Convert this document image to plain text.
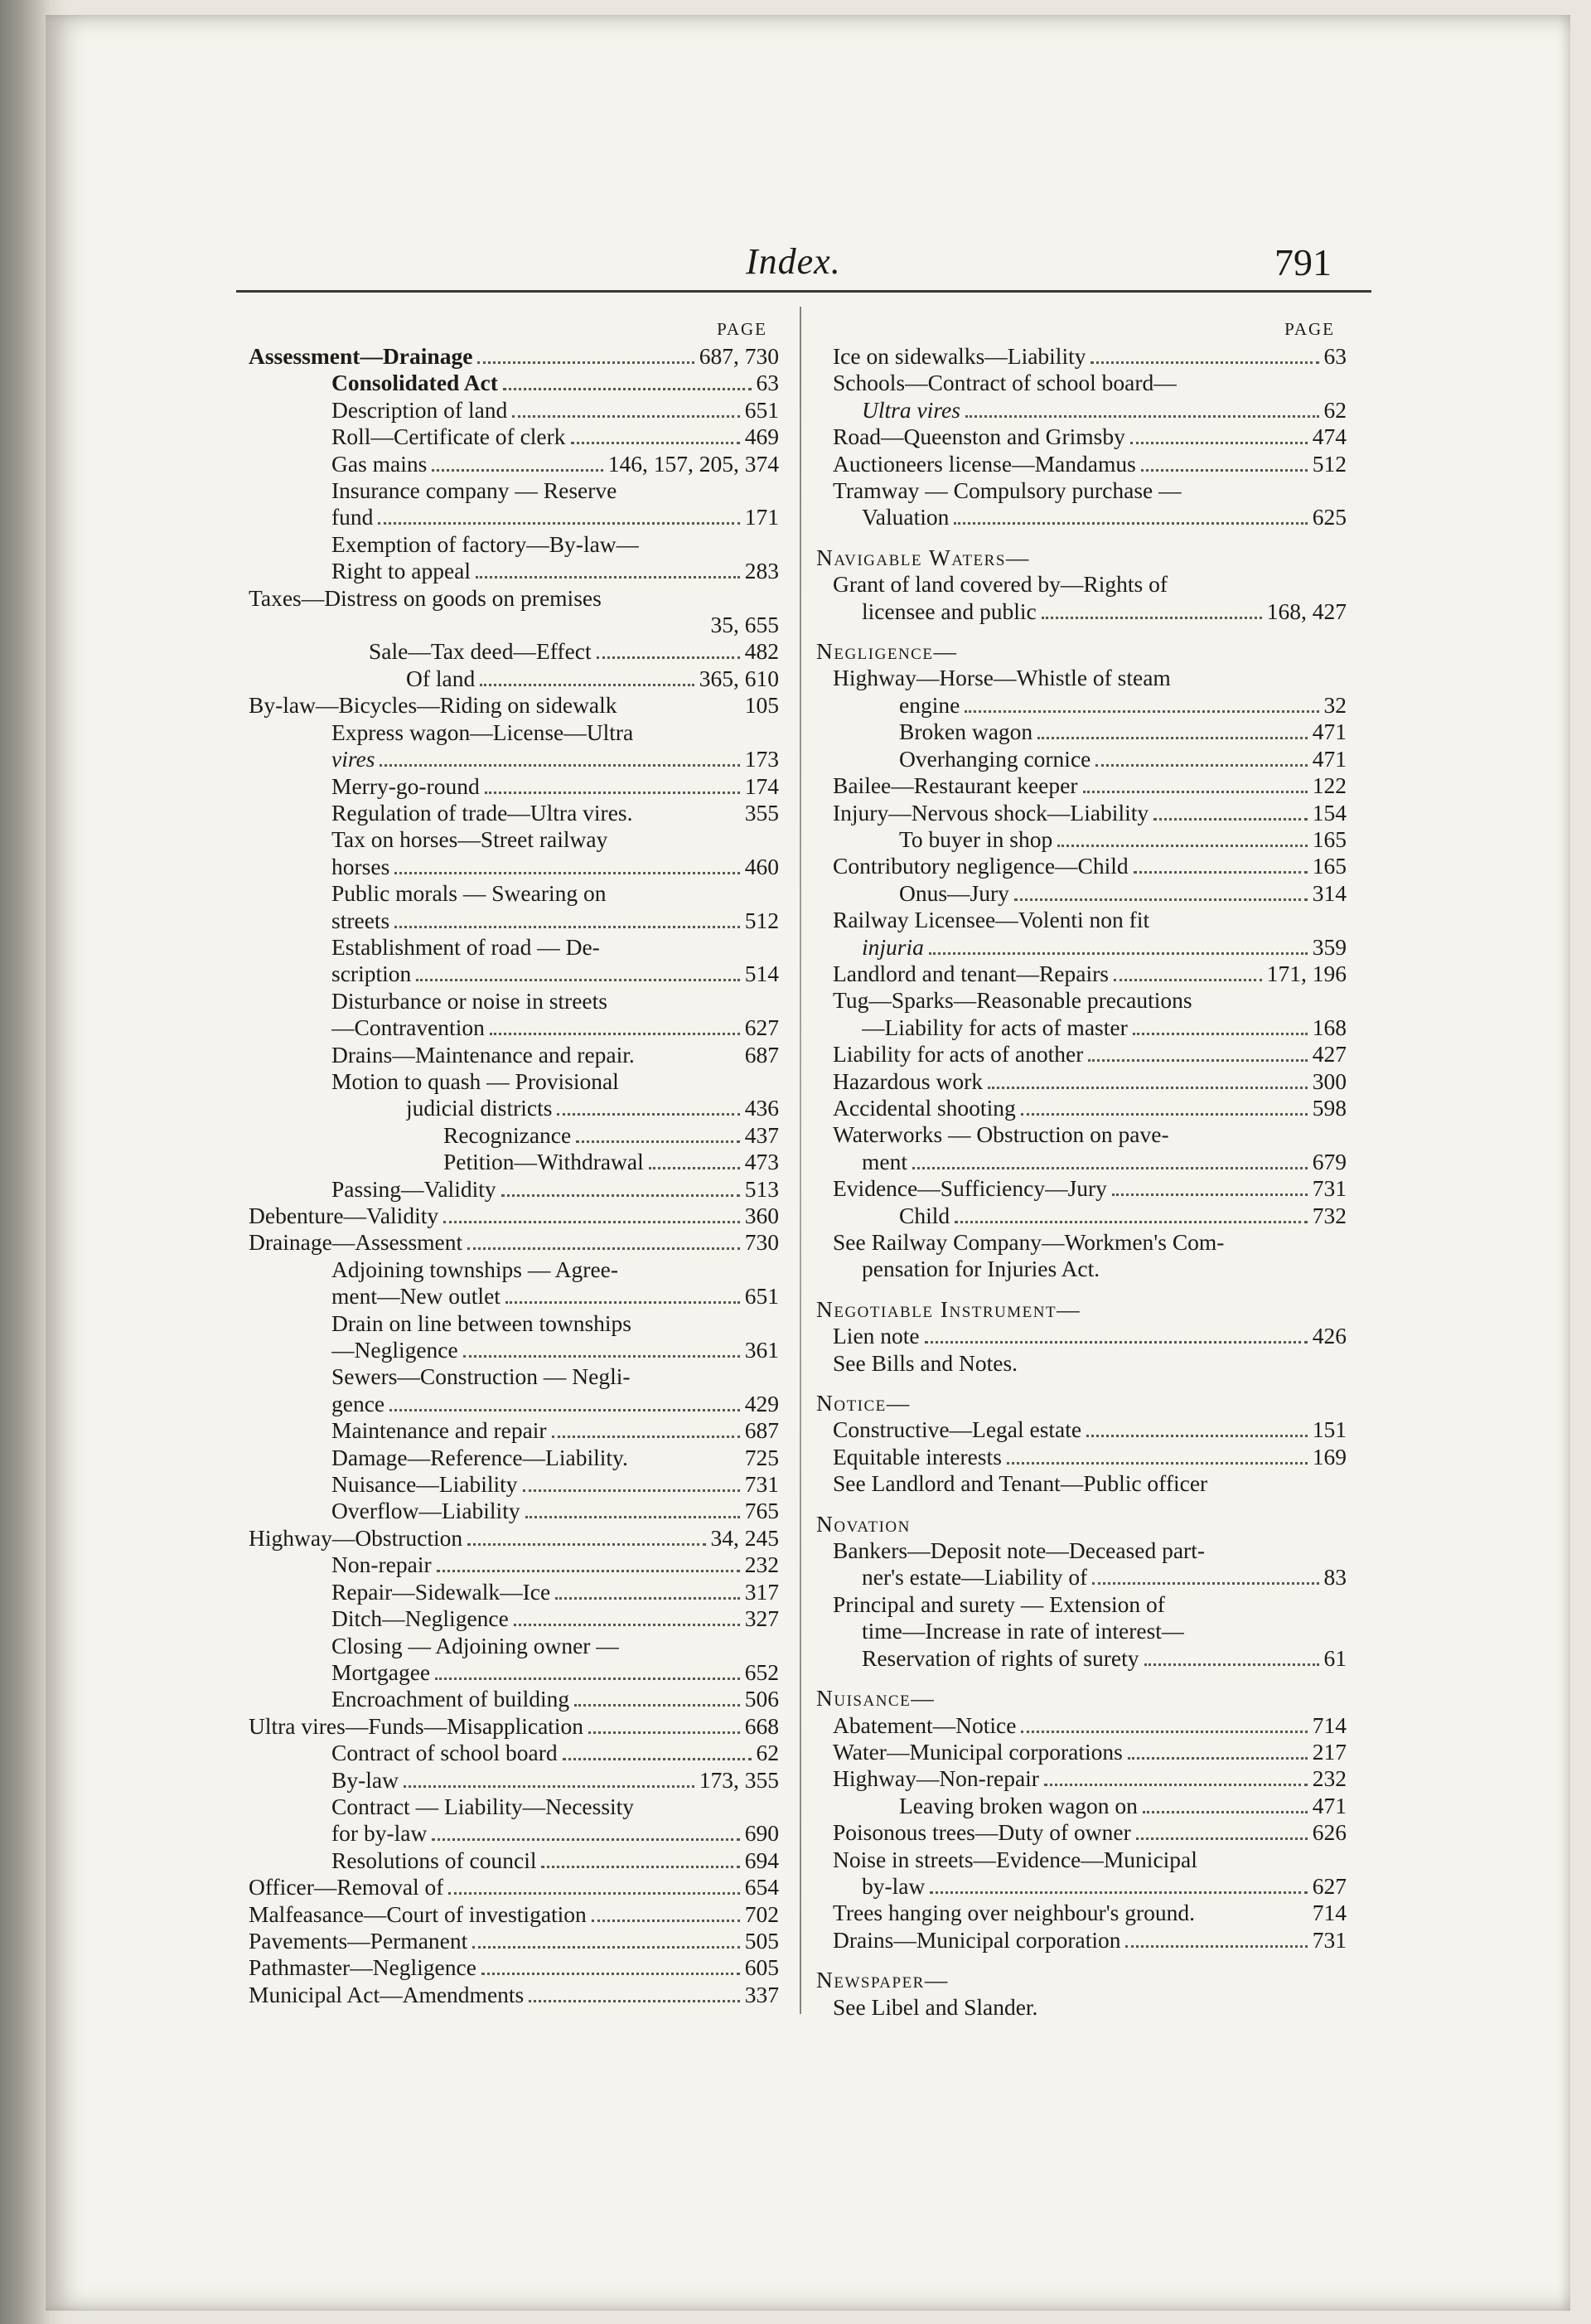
Index.	791
PAGE
Assessment—Drainage	687, 730
Consolidated Act	63
Description of land	651
Roll—Certificate of clerk	469
Gas mains	146, 157, 205, 374
Insurance company — Reserve
fund	171
Exemption of factory—By-law—
Right to appeal	283
Taxes—Distress on goods on premises
35, 655
Sale—Tax deed—Effect	482
Of land	365, 610
By-law—Bicycles—Riding on sidewalk	105
Express wagon—License—Ultra
vires	173
Merry-go-round	174
Regulation of trade—Ultra vires.	355
Tax on horses—Street railway
horses	460
Public morals — Swearing on
streets	512
Establishment of road — De-
scription	514
Disturbance or noise in streets
—Contravention	627
Drains—Maintenance and repair.	687
Motion to quash — Provisional
judicial districts	436
Recognizance	437
Petition—Withdrawal	473
Passing—Validity	513
Debenture—Validity	360
Drainage—Assessment	730
Adjoining townships — Agree-
ment—New outlet	651
Drain on line between townships
—Negligence	361
Sewers—Construction — Negli-
gence	429
Maintenance and repair	687
Damage—Reference—Liability.	725
Nuisance—Liability	731
Overflow—Liability	765
Highway—Obstruction	34, 245
Non-repair	232
Repair—Sidewalk—Ice	317
Ditch—Negligence	327
Closing — Adjoining owner —
Mortgagee	652
Encroachment of building	506
Ultra vires—Funds—Misapplication	668
Contract of school board	62
By-law	173, 355
Contract — Liability—Necessity
for by-law	690
Resolutions of council	694
Officer—Removal of	654
Malfeasance—Court of investigation	702
Pavements—Permanent	505
Pathmaster—Negligence	605
Municipal Act—Amendments	337
PAGE
Ice on sidewalks—Liability	63
Schools—Contract of school board—
Ultra vires	62
Road—Queenston and Grimsby	474
Auctioneers license—Mandamus	512
Tramway — Compulsory purchase —
Valuation	625
Navigable Waters—
Grant of land covered by—Rights of
licensee and public	168, 427
Negligence—
Highway—Horse—Whistle of steam
engine	32
Broken wagon	471
Overhanging cornice	471
Bailee—Restaurant keeper	122
Injury—Nervous shock—Liability	154
To buyer in shop	165
Contributory negligence—Child	165
Onus—Jury	314
Railway Licensee—Volenti non fit
injuria	359
Landlord and tenant—Repairs	171, 196
Tug—Sparks—Reasonable precautions
—Liability for acts of master	168
Liability for acts of another	427
Hazardous work	300
Accidental shooting	598
Waterworks — Obstruction on pave-
ment	679
Evidence—Sufficiency—Jury	731
Child	732
See Railway Company—Workmen's Com-
pensation for Injuries Act.
Negotiable Instrument—
Lien note	426
See Bills and Notes.
Notice—
Constructive—Legal estate	151
Equitable interests	169
See Landlord and Tenant—Public officer
Novation
Bankers—Deposit note—Deceased part-
ner's estate—Liability of	83
Principal and surety — Extension of
time—Increase in rate of interest—
Reservation of rights of surety	61
Nuisance—
Abatement—Notice	714
Water—Municipal corporations	217
Highway—Non-repair	232
Leaving broken wagon on	471
Poisonous trees—Duty of owner	626
Noise in streets—Evidence—Municipal
by-law	627
Trees hanging over neighbour's ground.	714
Drains—Municipal corporation	731
Newspaper—
See Libel and Slander.
